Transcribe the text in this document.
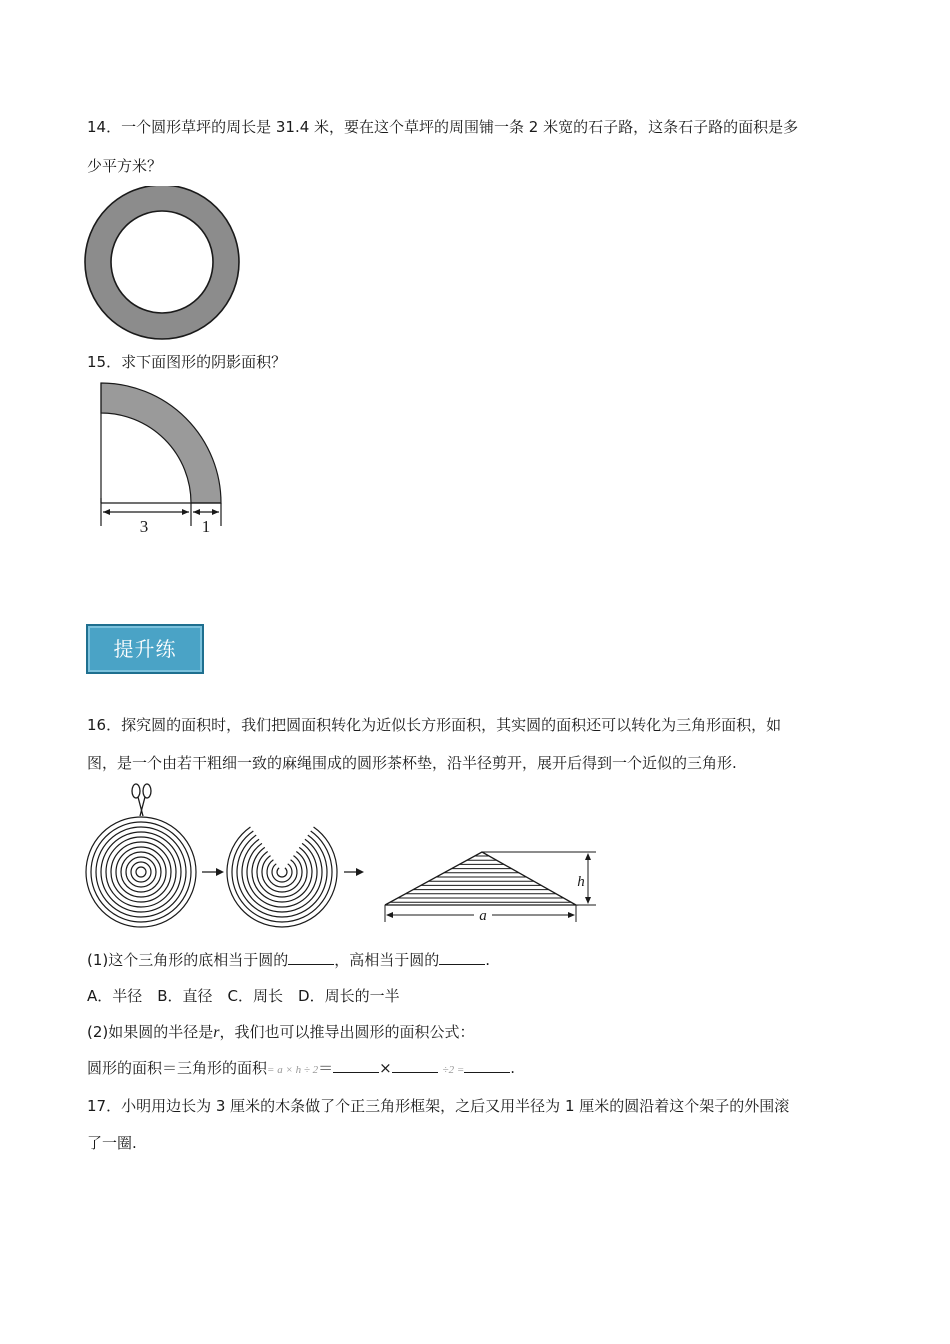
14．一个圆形草坪的周长是 31.4 米，要在这个草坪的周围铺一条 2 米宽的石子路，这条石子路的面积是多
少平方米？
15．求下面图形的阴影面积？
3	1
提升练
16．探究圆的面积时，我们把圆面积转化为近似长方形面积，其实圆的面积还可以转化为三角形面积，如
图，是一个由若干粗细一致的麻绳围成的圆形茶杯垫，沿半径剪开，展开后得到一个近似的三角形.
h
a
(1)这个三角形的底相当于圆的	，高相当于圆的	.
A．半径　B．直径　C．周长　D．周长的一半
(2)如果圆的半径是r，我们也可以推导出圆形的面积公式：
圆形的面积＝三角形的面积= a × h ÷ 2＝	×	÷2 =	.
17．小明用边长为 3 厘米的木条做了个正三角形框架，之后又用半径为 1 厘米的圆沿着这个架子的外围滚
了一圈.
